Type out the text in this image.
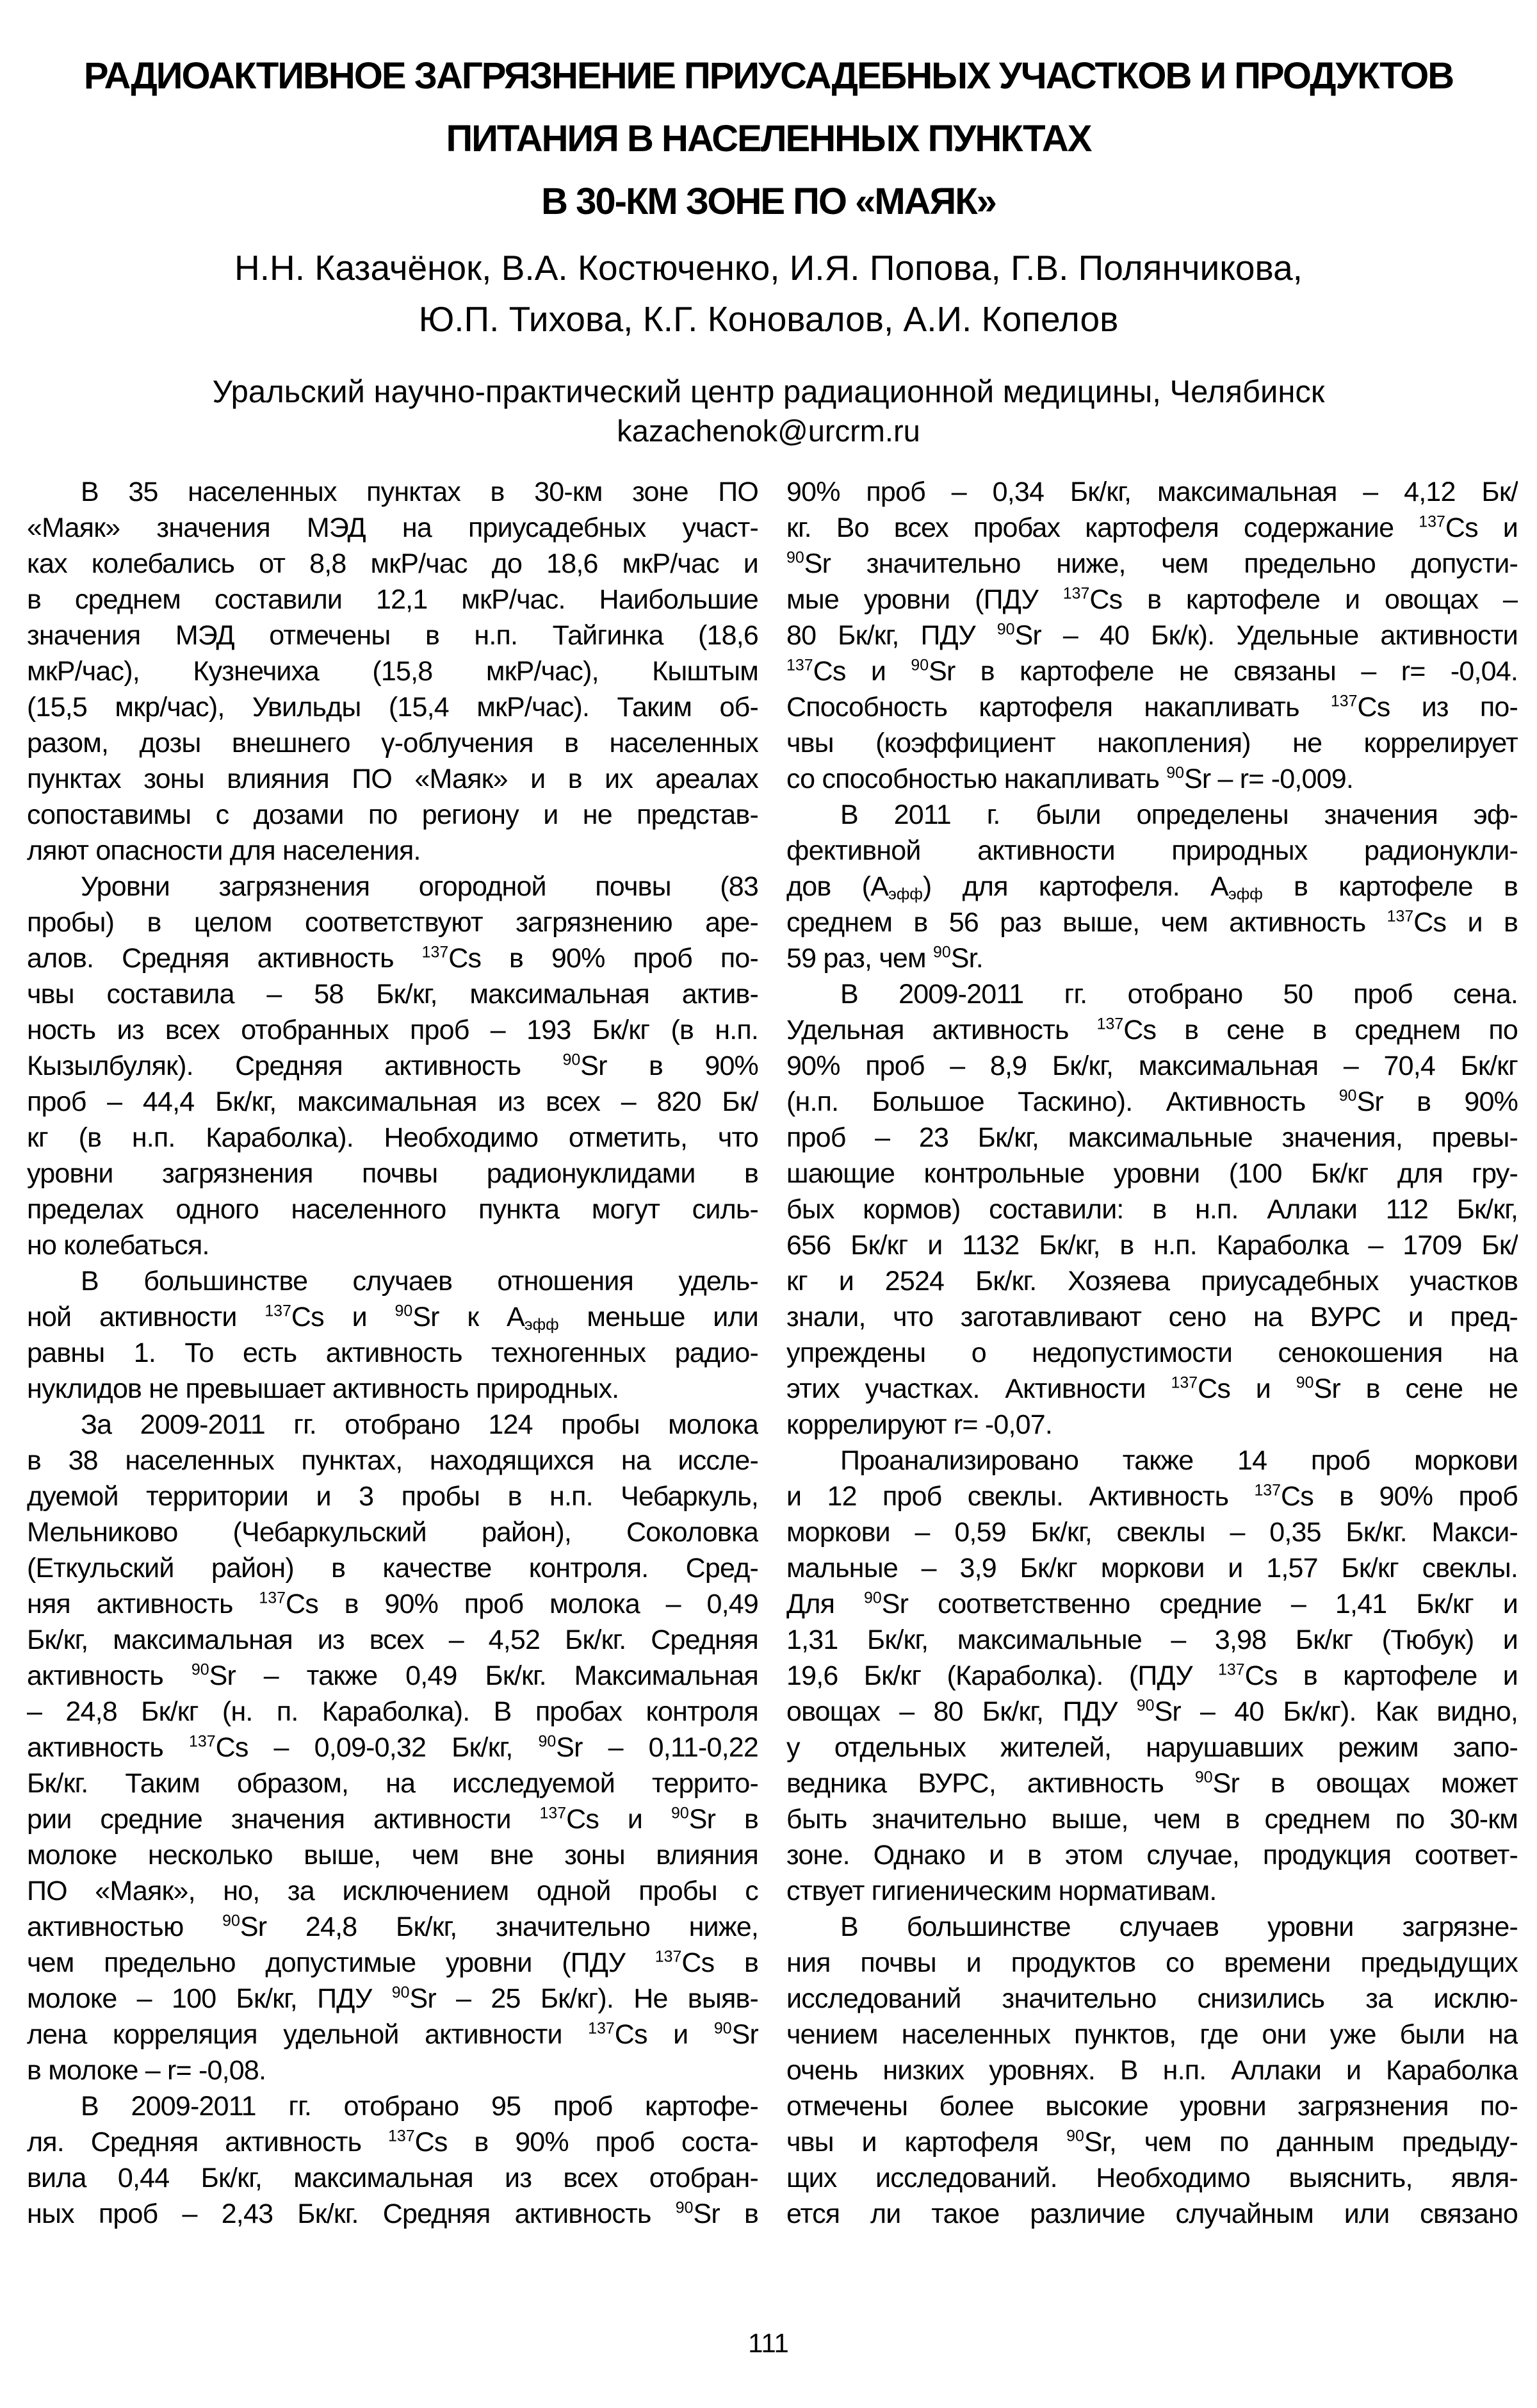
РАДИОАКТИВНОЕ ЗАГРЯЗНЕНИЕ ПРИУСАДЕБНЫХ УЧАСТКОВ И ПРОДУКТОВ
ПИТАНИЯ В НАСЕЛЕННЫХ ПУНКТАХ
В 30-КМ ЗОНЕ ПО «МАЯК»
Н.Н. Казачёнок, В.А. Костюченко, И.Я. Попова, Г.В. Полянчикова,
Ю.П. Тихова, К.Г. Коновалов, А.И. Копелов
Уральский научно-практический центр радиационной медицины, Челябинск
kazachenok@urcrm.ru
В 35 населенных пунктах в 30-км зоне ПО
«Маяк» значения МЭД на приусадебных участ-
ках колебались от 8,8 мкР/час до 18,6 мкР/час и
в среднем составили 12,1 мкР/час. Наибольшие
значения МЭД отмечены в н.п. Тайгинка (18,6
мкР/час), Кузнечиха (15,8 мкР/час), Кыштым
(15,5 мкр/час), Увильды (15,4 мкР/час). Таким об-
разом, дозы внешнего γ-облучения в населенных
пунктах зоны влияния ПО «Маяк» и в их ареалах
сопоставимы с дозами по региону и не представ-
ляют опасности для населения.
Уровни загрязнения огородной почвы (83
пробы) в целом соответствуют загрязнению аре-
алов. Средняя активность $^{137}$Cs в 90% проб по-
чвы составила – 58 Бк/кг, максимальная актив-
ность из всех отобранных проб – 193 Бк/кг (в н.п.
Кызылбуляк). Средняя активность $^{90}$Sr в 90%
проб – 44,4 Бк/кг, максимальная из всех – 820 Бк/
кг (в н.п. Караболка). Необходимо отметить, что
уровни загрязнения почвы радионуклидами в
пределах одного населенного пункта могут силь-
но колебаться.
В большинстве случаев отношения удель-
ной активности $^{137}$Cs и $^{90}$Sr к $А_{эфф}$ меньше или
равны 1. То есть активность техногенных радио-
нуклидов не превышает активность природных.
За 2009-2011 гг. отобрано 124 пробы молока
в 38 населенных пунктах, находящихся на иссле-
дуемой территории и 3 пробы в н.п. Чебаркуль,
Мельниково (Чебаркульский район), Соколовка
(Еткульский район) в качестве контроля. Сред-
няя активность $^{137}$Cs в 90% проб молока – 0,49
Бк/кг, максимальная из всех – 4,52 Бк/кг. Средняя
активность $^{90}$Sr – также 0,49 Бк/кг. Максимальная
– 24,8 Бк/кг (н. п. Караболка). В пробах контроля
активность $^{137}$Cs – 0,09-0,32 Бк/кг, $^{90}$Sr – 0,11-0,22
Бк/кг. Таким образом, на исследуемой террито-
рии средние значения активности $^{137}$Cs и $^{90}$Sr в
молоке несколько выше, чем вне зоны влияния
ПО «Маяк», но, за исключением одной пробы с
активностью $^{90}$Sr 24,8 Бк/кг, значительно ниже,
чем предельно допустимые уровни (ПДУ $^{137}$Cs в
молоке – 100 Бк/кг, ПДУ $^{90}$Sr – 25 Бк/кг). Не выяв-
лена корреляция удельной активности $^{137}$Cs и $^{90}$Sr
в молоке – r= -0,08.
В 2009-2011 гг. отобрано 95 проб картофе-
ля. Средняя активность $^{137}$Cs в 90% проб соста-
вила 0,44 Бк/кг, максимальная из всех отобран-
ных проб – 2,43 Бк/кг. Средняя активность $^{90}$Sr в
90% проб – 0,34 Бк/кг, максимальная – 4,12 Бк/
кг. Во всех пробах картофеля содержание $^{137}$Cs и
$^{90}$Sr значительно ниже, чем предельно допусти-
мые уровни (ПДУ $^{137}$Cs в картофеле и овощах –
80 Бк/кг, ПДУ $^{90}$Sr – 40 Бк/к). Удельные активности
$^{137}$Cs и $^{90}$Sr в картофеле не связаны – r= -0,04.
Способность картофеля накапливать $^{137}$Cs из по-
чвы (коэффициент накопления) не коррелирует
со способностью накапливать $^{90}$Sr – r= -0,009.
В 2011 г. были определены значения эф-
фективной активности природных радионукли-
дов $(А_{эфф})$ для картофеля. $А_{эфф}$ в картофеле в
среднем в 56 раз выше, чем активность $^{137}$Cs и в
59 раз, чем $^{90}$Sr.
В 2009-2011 гг. отобрано 50 проб сена.
Удельная активность $^{137}$Cs в сене в среднем по
90% проб – 8,9 Бк/кг, максимальная – 70,4 Бк/кг
(н.п. Большое Таскино). Активность $^{90}$Sr в 90%
проб – 23 Бк/кг, максимальные значения, превы-
шающие контрольные уровни (100 Бк/кг для гру-
бых кормов) составили: в н.п. Аллаки 112 Бк/кг,
656 Бк/кг и 1132 Бк/кг, в н.п. Караболка – 1709 Бк/
кг и 2524 Бк/кг. Хозяева приусадебных участков
знали, что заготавливают сено на ВУРС и пред-
упреждены о недопустимости сенокошения на
этих участках. Активности $^{137}$Cs и $^{90}$Sr в сене не
коррелируют r= -0,07.
Проанализировано также 14 проб моркови
и 12 проб свеклы. Активность $^{137}$Cs в 90% проб
моркови – 0,59 Бк/кг, свеклы – 0,35 Бк/кг. Макси-
мальные – 3,9 Бк/кг моркови и 1,57 Бк/кг свеклы.
Для $^{90}$Sr соответственно средние – 1,41 Бк/кг и
1,31 Бк/кг, максимальные – 3,98 Бк/кг (Тюбук) и
19,6 Бк/кг (Караболка). (ПДУ $^{137}$Cs в картофеле и
овощах – 80 Бк/кг, ПДУ $^{90}$Sr – 40 Бк/кг). Как видно,
у отдельных жителей, нарушавших режим запо-
ведника ВУРС, активность $^{90}$Sr в овощах может
быть значительно выше, чем в среднем по 30-км
зоне. Однако и в этом случае, продукция соответ-
ствует гигиеническим нормативам.
В большинстве случаев уровни загрязне-
ния почвы и продуктов со времени предыдущих
исследований значительно снизились за исклю-
чением населенных пунктов, где они уже были на
очень низких уровнях. В н.п. Аллаки и Караболка
отмечены более высокие уровни загрязнения по-
чвы и картофеля $^{90}$Sr, чем по данным предыду-
щих исследований. Необходимо выяснить, явля-
ется ли такое различие случайным или связано
111
